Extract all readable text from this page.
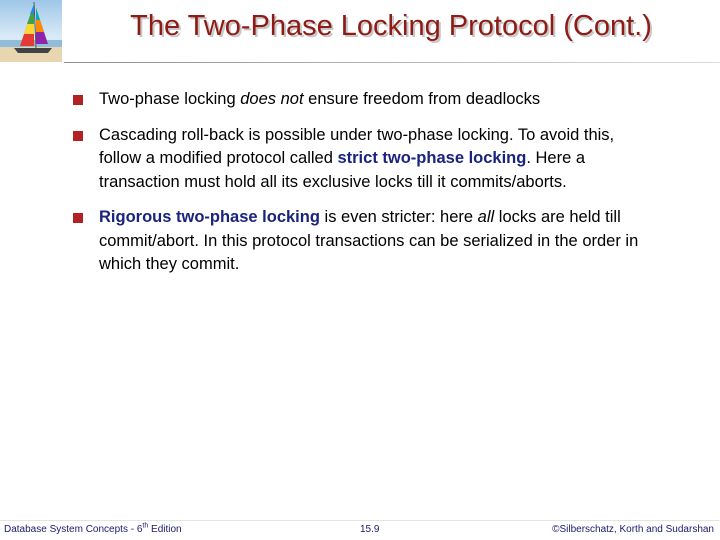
The Two-Phase Locking Protocol (Cont.)
Two-phase locking does not ensure freedom from deadlocks
Cascading roll-back is possible under two-phase locking. To avoid this, follow a modified protocol called strict two-phase locking. Here a transaction must hold all its exclusive locks till it commits/aborts.
Rigorous two-phase locking is even stricter: here all locks are held till commit/abort. In this protocol transactions can be serialized in the order in which they commit.
Database System Concepts - 6th Edition	15.9	©Silberschatz, Korth and Sudarshan
